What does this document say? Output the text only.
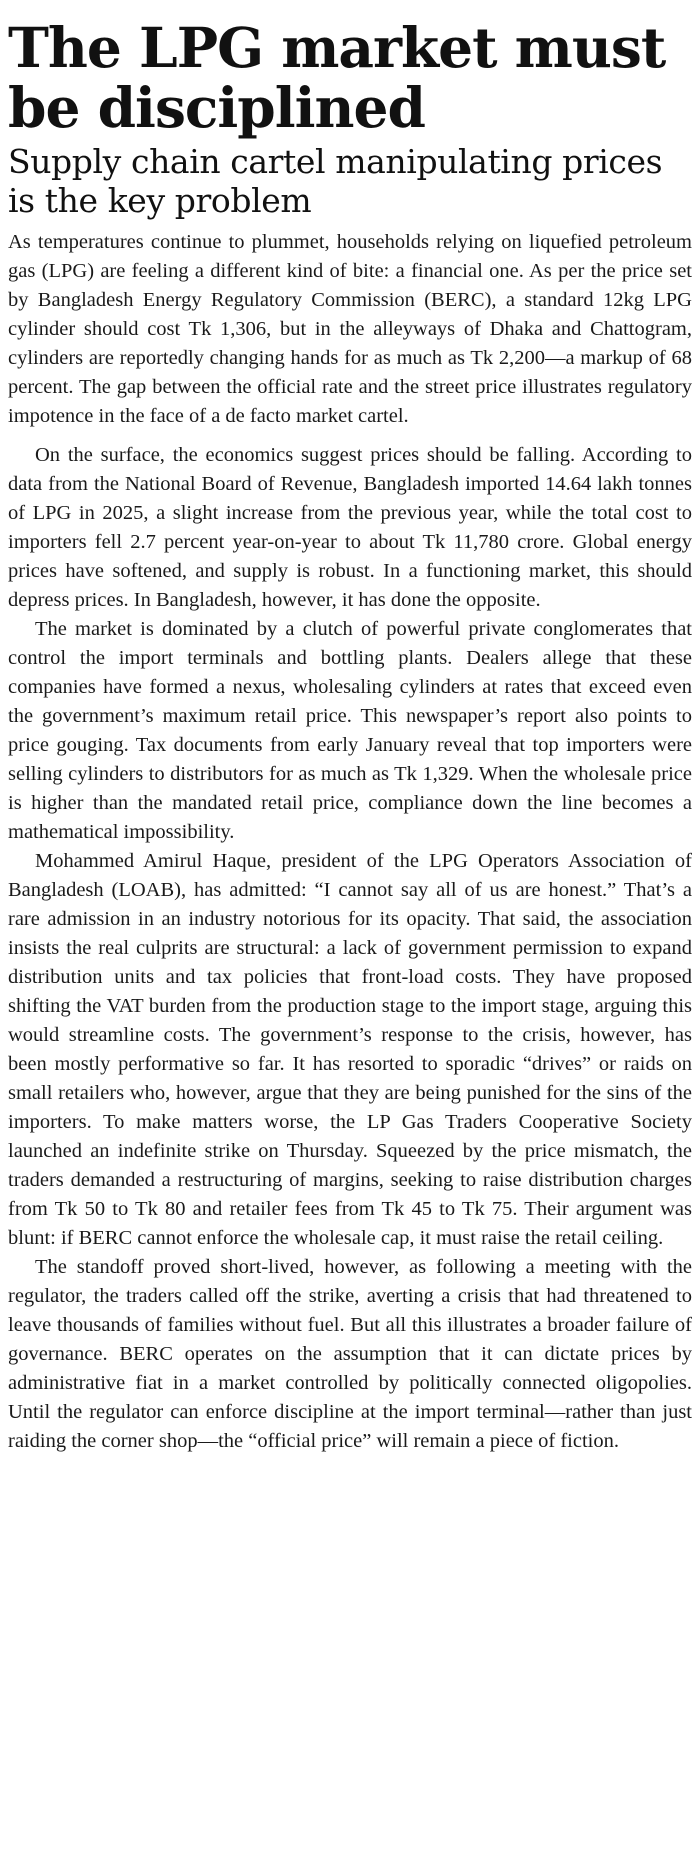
The LPG market must be disciplined
Supply chain cartel manipulating prices is the key problem

As temperatures continue to plummet, households relying on liquefied petroleum gas (LPG) are feeling a different kind of bite: a financial one. As per the price set by Bangladesh Energy Regulatory Commission (BERC), a standard 12kg LPG cylinder should cost Tk 1,306, but in the alleyways of Dhaka and Chattogram, cylinders are reportedly changing hands for as much as Tk 2,200—a markup of 68 percent. The gap between the official rate and the street price illustrates regulatory impotence in the face of a de facto market cartel.

On the surface, the economics suggest prices should be falling. According to data from the National Board of Revenue, Bangladesh imported 14.64 lakh tonnes of LPG in 2025, a slight increase from the previous year, while the total cost to importers fell 2.7 percent year-on-year to about Tk 11,780 crore. Global energy prices have softened, and supply is robust. In a functioning market, this should depress prices. In Bangladesh, however, it has done the opposite.

The market is dominated by a clutch of powerful private conglomerates that control the import terminals and bottling plants. Dealers allege that these companies have formed a nexus, wholesaling cylinders at rates that exceed even the government’s maximum retail price. This newspaper’s report also points to price gouging. Tax documents from early January reveal that top importers were selling cylinders to distributors for as much as Tk 1,329. When the wholesale price is higher than the mandated retail price, compliance down the line becomes a mathematical impossibility.

Mohammed Amirul Haque, president of the LPG Operators Association of Bangladesh (LOAB), has admitted: “I cannot say all of us are honest.” That’s a rare admission in an industry notorious for its opacity. That said, the association insists the real culprits are structural: a lack of government permission to expand distribution units and tax policies that front-load costs. They have proposed shifting the VAT burden from the production stage to the import stage, arguing this would streamline costs. The government’s response to the crisis, however, has been mostly performative so far. It has resorted to sporadic “drives” or raids on small retailers who, however, argue that they are being punished for the sins of the importers. To make matters worse, the LP Gas Traders Cooperative Society launched an indefinite strike on Thursday. Squeezed by the price mismatch, the traders demanded a restructuring of margins, seeking to raise distribution charges from Tk 50 to Tk 80 and retailer fees from Tk 45 to Tk 75. Their argument was blunt: if BERC cannot enforce the wholesale cap, it must raise the retail ceiling.

The standoff proved short-lived, however, as following a meeting with the regulator, the traders called off the strike, averting a crisis that had threatened to leave thousands of families without fuel. But all this illustrates a broader failure of governance. BERC operates on the assumption that it can dictate prices by administrative fiat in a market controlled by politically connected oligopolies. Until the regulator can enforce discipline at the import terminal—rather than just raiding the corner shop—the “official price” will remain a piece of fiction.
